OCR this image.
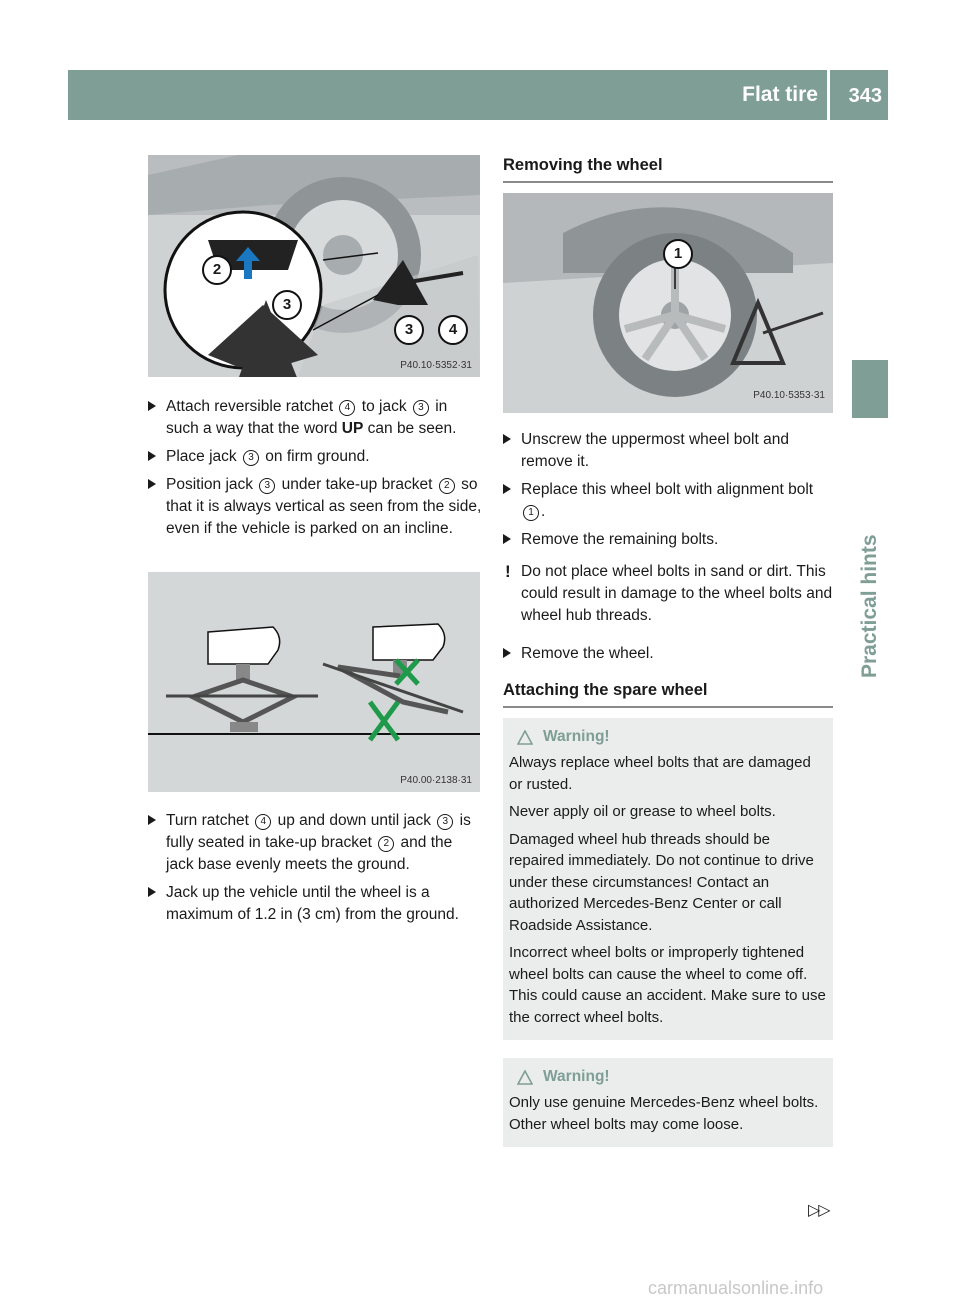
Flat tire 343
Practical hints
2
3
3	4
P40.10·5352·31
Attach reversible ratchet 4 to jack 3 in such a way that the word UP can be seen.
Place jack 3 on firm ground.
Position jack 3 under take-up bracket 2 so that it is always vertical as seen from the side, even if the vehicle is parked on an incline.
P40.00·2138·31
Turn ratchet 4 up and down until jack 3 is fully seated in take-up bracket 2 and the jack base evenly meets the ground.
Jack up the vehicle until the wheel is a maximum of 1.2 in (3 cm) from the ground.
Removing the wheel
1
P40.10·5353·31
Unscrew the uppermost wheel bolt and remove it.
Replace this wheel bolt with alignment bolt 1 .
Remove the remaining bolts.
! Do not place wheel bolts in sand or dirt. This could result in damage to the wheel bolts and wheel hub threads.
Remove the wheel.
Attaching the spare wheel
Warning!

Always replace wheel bolts that are damaged or rusted.

Never apply oil or grease to wheel bolts.

Damaged wheel hub threads should be repaired immediately. Do not continue to drive under these circumstances! Contact an authorized Mercedes-Benz Center or call Roadside Assistance.

Incorrect wheel bolts or improperly tightened wheel bolts can cause the wheel to come off. This could cause an accident. Make sure to use the correct wheel bolts.

Warning!

Only use genuine Mercedes-Benz wheel bolts. Other wheel bolts may come loose.

▷▷
carmanualsonline.info
